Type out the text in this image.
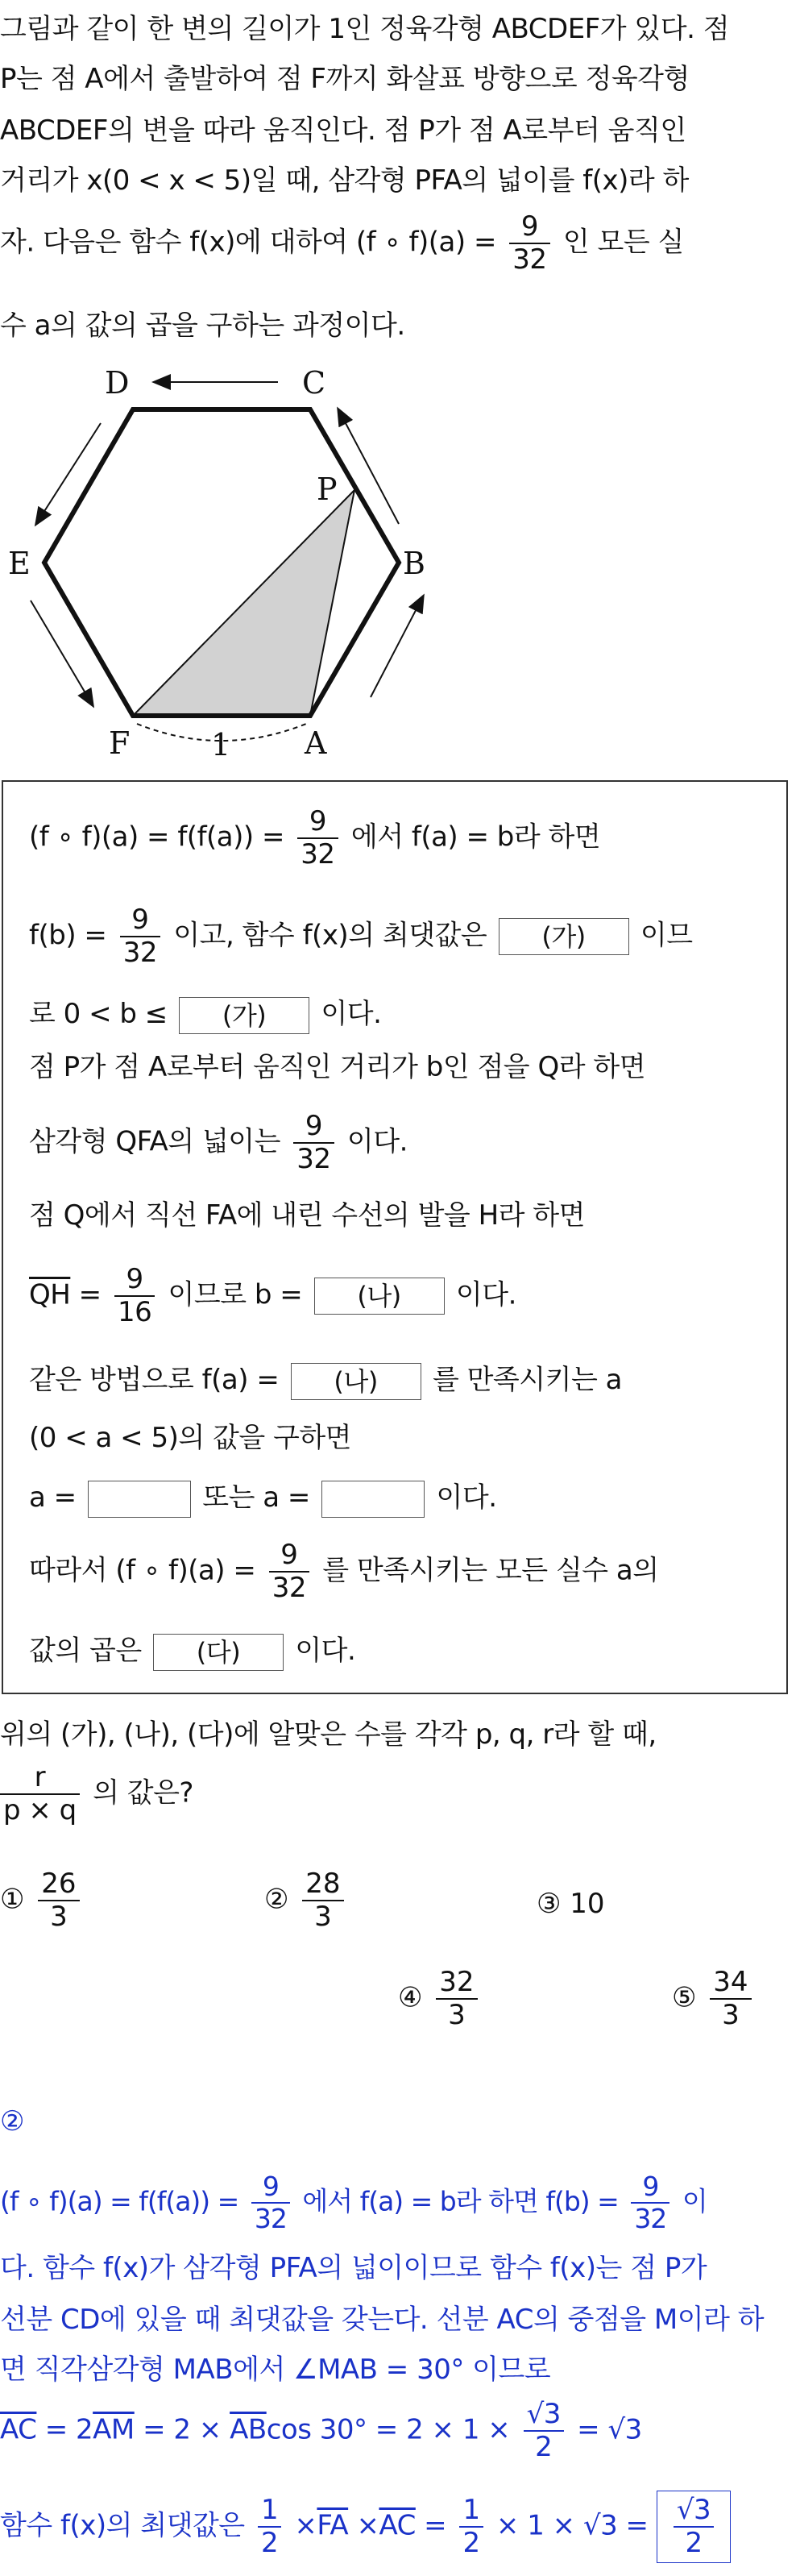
그림과 같이 한 변의 길이가 1인 정육각형 ABCDEF가 있다. 점
P는 점 A에서 출발하여 점 F까지 화살표 방향으로 정육각형
ABCDEF의 변을 따라 움직인다. 점 P가 점 A로부터 움직인
거리가 x(0 < x < 5)일 때, 삼각형 PFA의 넓이를 f(x)라 하
자. 다음은 함수 f(x)에 대하여 (f ∘ $f)(a) = \frac{9}{32}$ 인 모든 실
수 a의 값의 곱을 구하는 과정이다.
D	C
P
E	B
F	1 A
(f ∘ $f)(a) = f(f(a)) = \frac{9}{32}$ 에서 f(a) = b라 하면
$f(b) = \frac{9}{32}$ 이고, 함수 f(x)의 최댓값은 (가) 이므
로 0 < b ≤ (가) 이다.
점 P가 점 A로부터 움직인 거리가 b인 점을 Q라 하면
삼각형 QFA의 넓이는 $\frac{9}{32}$ 이다.
점 Q에서 직선 FA에 내린 수선의 발을 H라 하면
$\overline{QH} = \frac{9}{16}$ 이므로 b = (나) 이다.
같은 방법으로 f(a) = (나) 를 만족시키는 a
(0 < a < 5)의 값을 구하면
a =	또는 a =	이다.
따라서 (f ∘ $f)(a) = \frac{9}{32}$ 를 만족시키는 모든 실수 a의
값의 곱은 (다) 이다.
위의 (가), (나), (다)에 알맞은 수를 각각 p, q, r라 할 때,
$\frac{r}{p \times q}$ 의 값은?
① $\frac{26}{3}$	② $\frac{28}{3}$	③ 10
④ $\frac{32}{3}$	⑤ $\frac{34}{3}$
②
(f ∘ $f)(a) = f(f(a)) = \frac{9}{32}$ 에서 f(a) = b라 하면 $f(b) = \frac{9}{32}$ 이
다. 함수 f(x)가 삼각형 PFA의 넓이이므로 함수 f(x)는 점 P가
선분 CD에 있을 때 최댓값을 갖는다. 선분 AC의 중점을 M이라 하
면 직각삼각형 MAB에서 ∠MAB = 30° 이므로
$\overline{AC} = 2\overline{AM} = 2 \times \overline{AB}\cos$ $30^\circ = 2 \times 1 \times \frac{√3}{2} = √3$
함수 f(x)의 최댓값은 $\frac{1}{2} \times\overline{FA} \times\overline{AC} = \frac{1}{2} \times 1 \times √3 = \frac{√3}{2}$
